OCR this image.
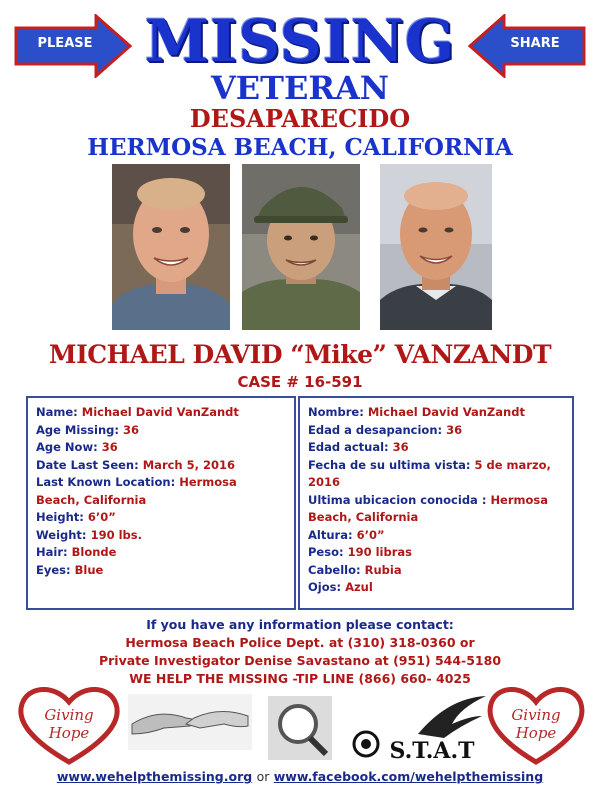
PLEASE	SHARE
MISSING
VETERAN
DESAPARECIDO
HERMOSA BEACH, CALIFORNIA
MICHAEL DAVID “Mike” VANZANDT
CASE # 16-591
Name: Michael David VanZandt
Age Missing: 36
Age Now: 36
Date Last Seen: March 5, 2016
Last Known Location: Hermosa
Beach, California
Height: 6’0”
Weight: 190 lbs.
Hair: Blonde
Eyes: Blue
Nombre: Michael David VanZandt
Edad a desapancion: 36
Edad actual: 36
Fecha de su ultima vista: 5 de marzo,
2016
Ultima ubicacion conocida : Hermosa
Beach, California
Altura: 6’0”
Peso: 190 libras
Cabello: Rubia
Ojos: Azul
If you have any information please contact:
Hermosa Beach Police Dept. at (310) 318-0360 or
Private Investigator Denise Savastano at (951) 544-5180
WE HELP THE MISSING -TIP LINE (866) 660- 4025
Giving
Hope
S.T.A.T
Giving
Hope
www.wehelpthemissing.org or www.facebook.com/wehelpthemissing
